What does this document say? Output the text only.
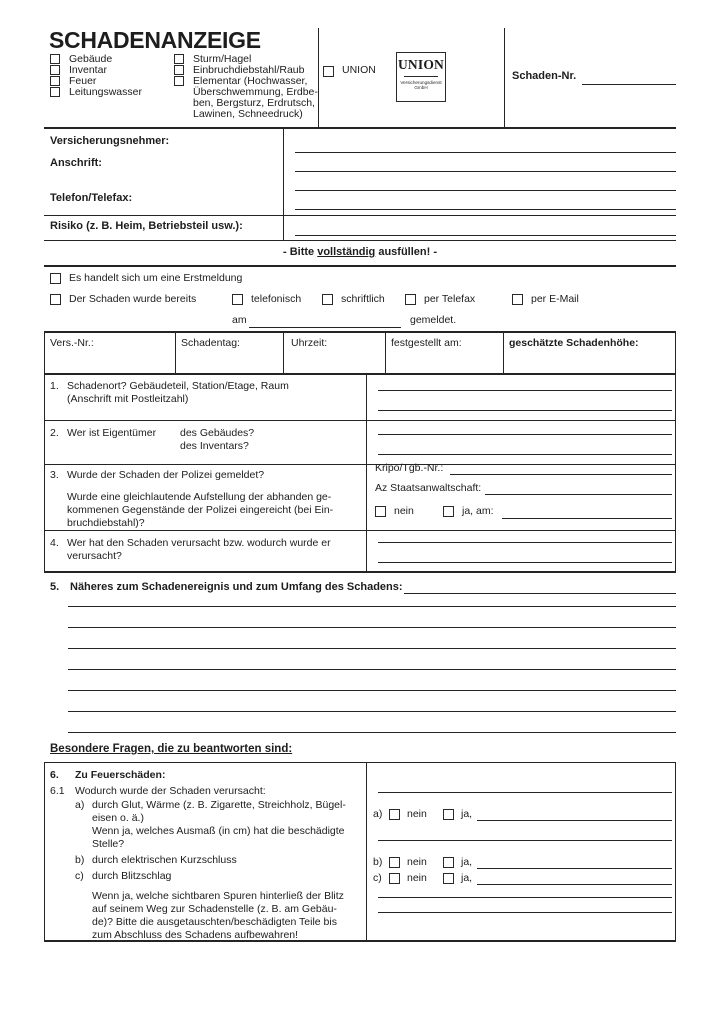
SCHADENANZEIGE
Gebäude
Inventar
Feuer
Leitungswasser
Sturm/Hagel
Einbruchdiebstahl/Raub
Elementar (Hochwasser,
Überschwemmung, Erdbe-
ben, Bergsturz, Erdrutsch,
Lawinen, Schneedruck)
UNION UNION
Versicherungsdienst
GmbH
Schaden-Nr.
Versicherungsnehmer:
Anschrift:
Telefon/Telefax:
Risiko (z. B. Heim, Betriebsteil usw.):
- Bitte vollständig ausfüllen! -
Es handelt sich um eine Erstmeldung
Der Schaden wurde bereits	telefonisch	schriftlich	per Telefax	per E-Mail
am	gemeldet.
Vers.-Nr.:	Schadentag:	Uhrzeit:	festgestellt am:	geschätzte Schadenhöhe:
1. Schadenort? Gebäudeteil, Station/Etage, Raum
(Anschrift mit Postleitzahl)
2. Wer ist Eigentümer des Gebäudes?
des Inventars?
3. Wurde der Schaden der Polizei gemeldet?
Wurde eine gleichlautende Aufstellung der abhanden ge-
kommenen Gegenstände der Polizei eingereicht (bei Ein-
bruchdiebstahl)?
Kripo/Tgb.-Nr.:
Az Staatsanwaltschaft:
nein	ja, am:
4. Wer hat den Schaden verursacht bzw. wodurch wurde er
verursacht?
5. Näheres zum Schadenereignis und zum Umfang des Schadens:
Besondere Fragen, die zu beantworten sind:
6. Zu Feuerschäden:
6.1 Wodurch wurde der Schaden verursacht:
a) durch Glut, Wärme (z. B. Zigarette, Streichholz, Bügel-
eisen o. ä.)
Wenn ja, welches Ausmaß (in cm) hat die beschädigte
Stelle?
b) durch elektrischen Kurzschluss
c) durch Blitzschlag
Wenn ja, welche sichtbaren Spuren hinterließ der Blitz
auf seinem Weg zur Schadenstelle (z. B. am Gebäu-
de)? Bitte die ausgetauschten/beschädigten Teile bis
zum Abschluss des Schadens aufbewahren!
a) nein	ja,
b) nein	ja,
c) nein	ja,
